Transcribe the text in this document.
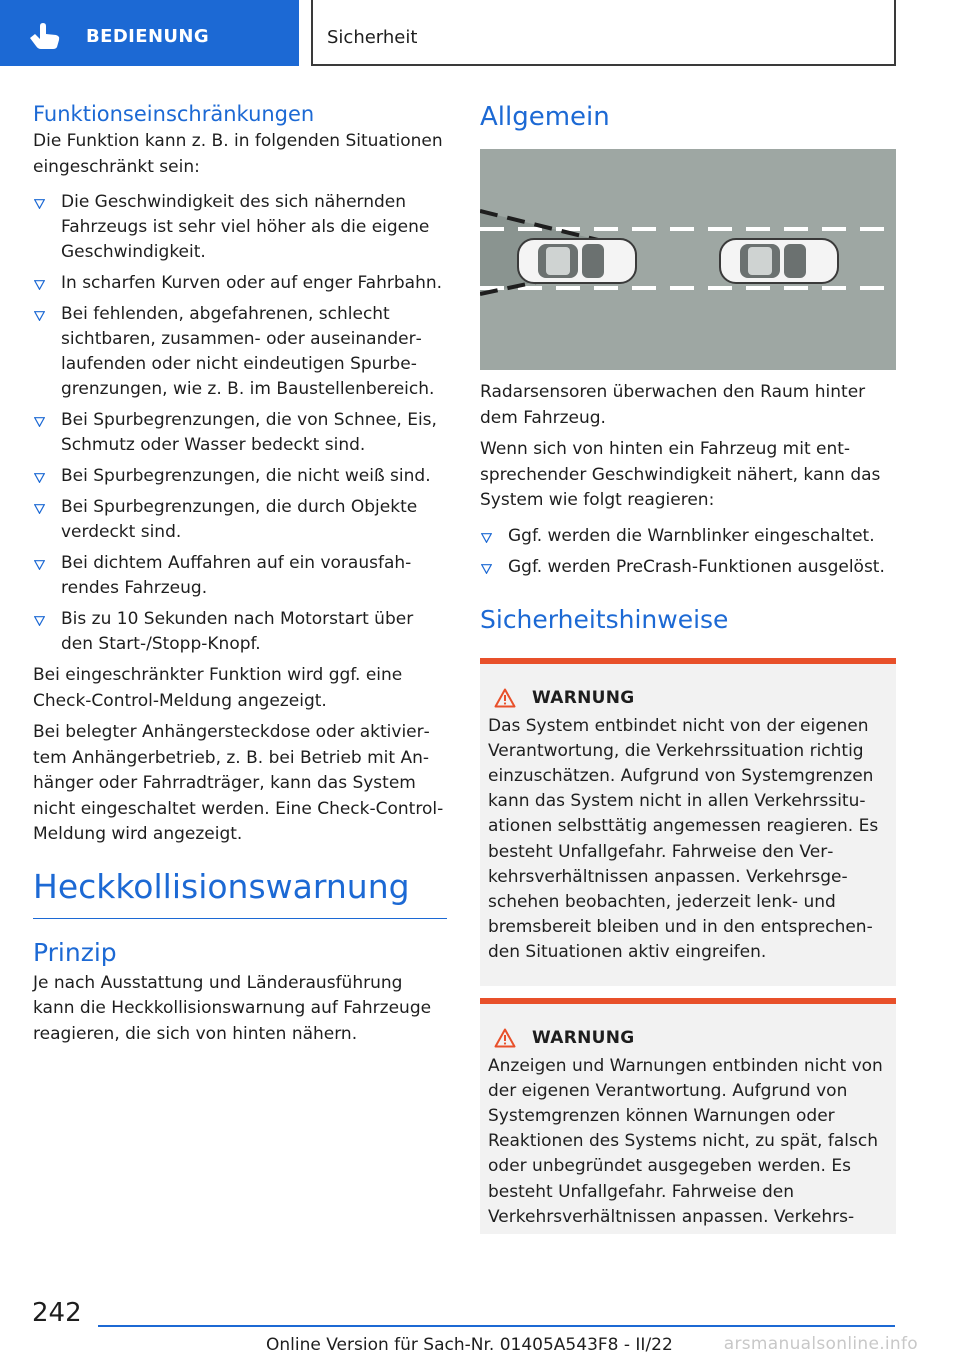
BEDIENUNG	Sicherheit
Funktionseinschränkungen

Die Funktion kann z. B. in folgenden Situationen eingeschränkt sein:

Die Geschwindigkeit des sich nähernden Fahrzeugs ist sehr viel höher als die eigene Geschwindigkeit.
In scharfen Kurven oder auf enger Fahrbahn.
Bei fehlenden, abgefahrenen, schlecht sichtbaren, zusammen- oder auseinanderlaufenden oder nicht eindeutigen Spurbegrenzungen, wie z. B. im Baustellenbereich.
Bei Spurbegrenzungen, die von Schnee, Eis, Schmutz oder Wasser bedeckt sind.
Bei Spurbegrenzungen, die nicht weiß sind.
Bei Spurbegrenzungen, die durch Objekte verdeckt sind.
Bei dichtem Auffahren auf ein vorausfahrendes Fahrzeug.
Bis zu 10 Sekunden nach Motorstart über den Start-/Stopp-Knopf.

Bei eingeschränkter Funktion wird ggf. eine Check-Control-Meldung angezeigt.

Bei belegter Anhängersteckdose oder aktiviertem Anhängerbetrieb, z. B. bei Betrieb mit Anhänger oder Fahrradträger, kann das System nicht eingeschaltet werden. Eine Check-Control-Meldung wird angezeigt.

Heckkollisionswarnung
Prinzip

Je nach Ausstattung und Länderausführung kann die Heckkollisionswarnung auf Fahrzeuge reagieren, die sich von hinten nähern.

Allgemein

Radarsensoren überwachen den Raum hinter dem Fahrzeug.

Wenn sich von hinten ein Fahrzeug mit entsprechender Geschwindigkeit nähert, kann das System wie folgt reagieren:

Ggf. werden die Warnblinker eingeschaltet.
Ggf. werden PreCrash-Funktionen ausgelöst.
Sicherheitshinweise
WARNUNG

Das System entbindet nicht von der eigenen Verantwortung, die Verkehrssituation richtig einzuschätzen. Aufgrund von Systemgrenzen kann das System nicht in allen Verkehrssituationen selbsttätig angemessen reagieren. Es besteht Unfallgefahr. Fahrweise den Verkehrsverhältnissen anpassen. Verkehrsgeschehen beobachten, jederzeit lenk- und bremsbereit bleiben und in den entsprechenden Situationen aktiv eingreifen.

WARNUNG

Anzeigen und Warnungen entbinden nicht von der eigenen Verantwortung. Aufgrund von Systemgrenzen können Warnungen oder Reaktionen des Systems nicht, zu spät, falsch oder unbegründet ausgegeben werden. Es besteht Unfallgefahr. Fahrweise den Verkehrsverhältnissen anpassen. Verkehrs-

242
Online Version für Sach-Nr. 01405A543F8 - II/22	arsmanualsonline.info
